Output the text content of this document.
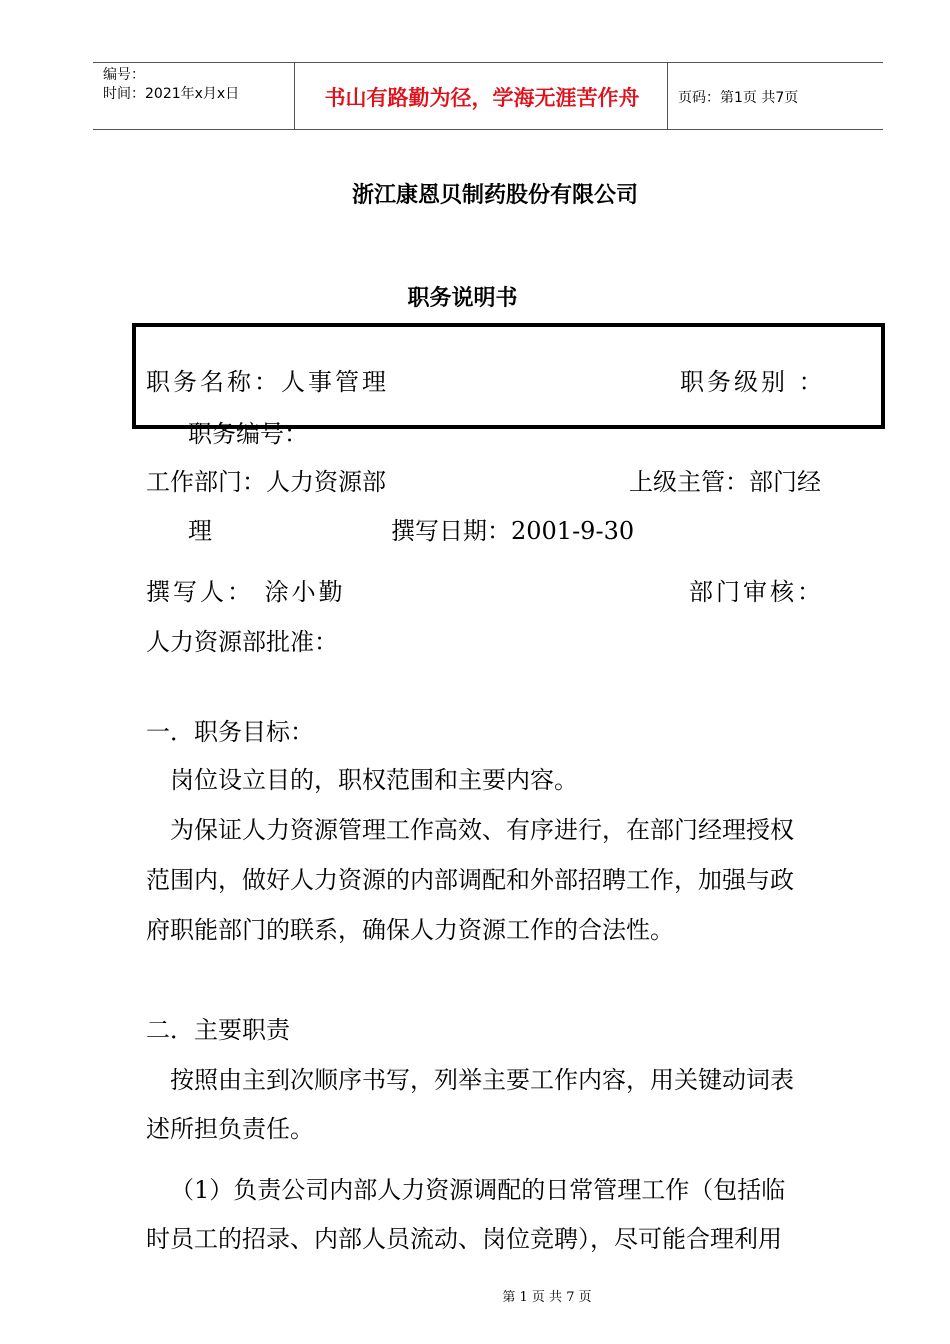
编号：
时间：2021年x月x日	书山有路勤为径，学海无涯苦作舟	页码：第1页 共7页
浙江康恩贝制药股份有限公司
职务说明书
职务名称：人事管理	职务级别 ：
职务编号：
工作部门：人力资源部	上级主管：部门经
理	撰写日期：2001-9-30
撰写人： 涂小勤	部门审核：
人力资源部批准：
一．职务目标：
岗位设立目的，职权范围和主要内容。
为保证人力资源管理工作高效、有序进行，在部门经理授权
范围内，做好人力资源的内部调配和外部招聘工作，加强与政
府职能部门的联系，确保人力资源工作的合法性。
二．主要职责
按照由主到次顺序书写，列举主要工作内容，用关键动词表
述所担负责任。
（1）负责公司内部人力资源调配的日常管理工作（包括临
时员工的招录、内部人员流动、岗位竞聘），尽可能合理利用
第 1 页 共 7 页
